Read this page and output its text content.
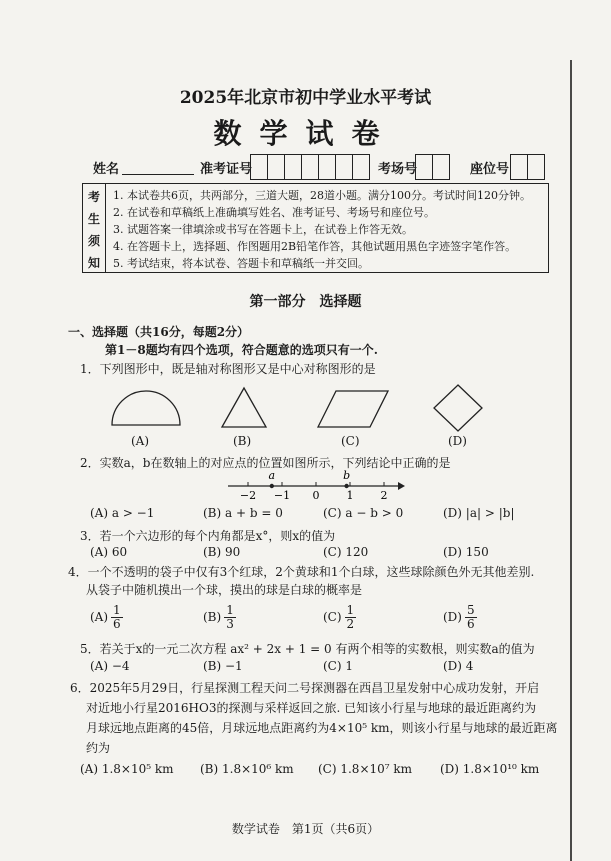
2025年北京市初中学业水平考试
数学试卷
姓名	准考证号	考场号	座位号
考
生
须
知
1. 本试卷共6页，共两部分，三道大题，28道小题。满分100分。考试时间120分钟。
2. 在试卷和草稿纸上准确填写姓名、准考证号、考场号和座位号。
3. 试题答案一律填涂或书写在答题卡上，在试卷上作答无效。
4. 在答题卡上，选择题、作图题用2B铅笔作答，其他试题用黑色字迹签字笔作答。
5. 考试结束，将本试卷、答题卡和草稿纸一并交回。
第一部分　选择题
一、选择题（共16分，每题2分）
第1－8题均有四个选项，符合题意的选项只有一个.
1．下列图形中，既是轴对称图形又是中心对称图形的是
(A)	(B)	(C)	(D)
2．实数a，b在数轴上的对应点的位置如图所示，下列结论中正确的是
−2 −1 0 1 2
a	b
(A) a > −1	(B) a + b = 0	(C) a − b > 0	(D) |a| > |b|
3．若一个六边形的每个内角都是x°，则x的值为
(A) 60	(B) 90	(C) 120	(D) 150
4．一个不透明的袋子中仅有3个红球，2个黄球和1个白球，这些球除颜色外无其他差别.
从袋子中随机摸出一个球，摸出的球是白球的概率是
$(A) \frac{1}{6}$	$(B) \frac{1}{3}$	$(C) \frac{1}{2}$	$(D) \frac{5}{6}$
5．若关于x的一元二次方程 ax² + 2x + 1 = 0 有两个相等的实数根，则实数a的值为
(A) −4	(B) −1	(C) 1	(D) 4
6．2025年5月29日，行星探测工程天问二号探测器在西昌卫星发射中心成功发射，开启
对近地小行星2016HO3的探测与采样返回之旅. 已知该小行星与地球的最近距离约为
月球远地点距离的45倍，月球远地点距离约为4×10⁵ km，则该小行星与地球的最近距离
约为
(A) 1.8×10⁵ km (B) 1.8×10⁶ km (C) 1.8×10⁷ km (D) 1.8×10¹⁰ km
数学试卷　第1页（共6页）
